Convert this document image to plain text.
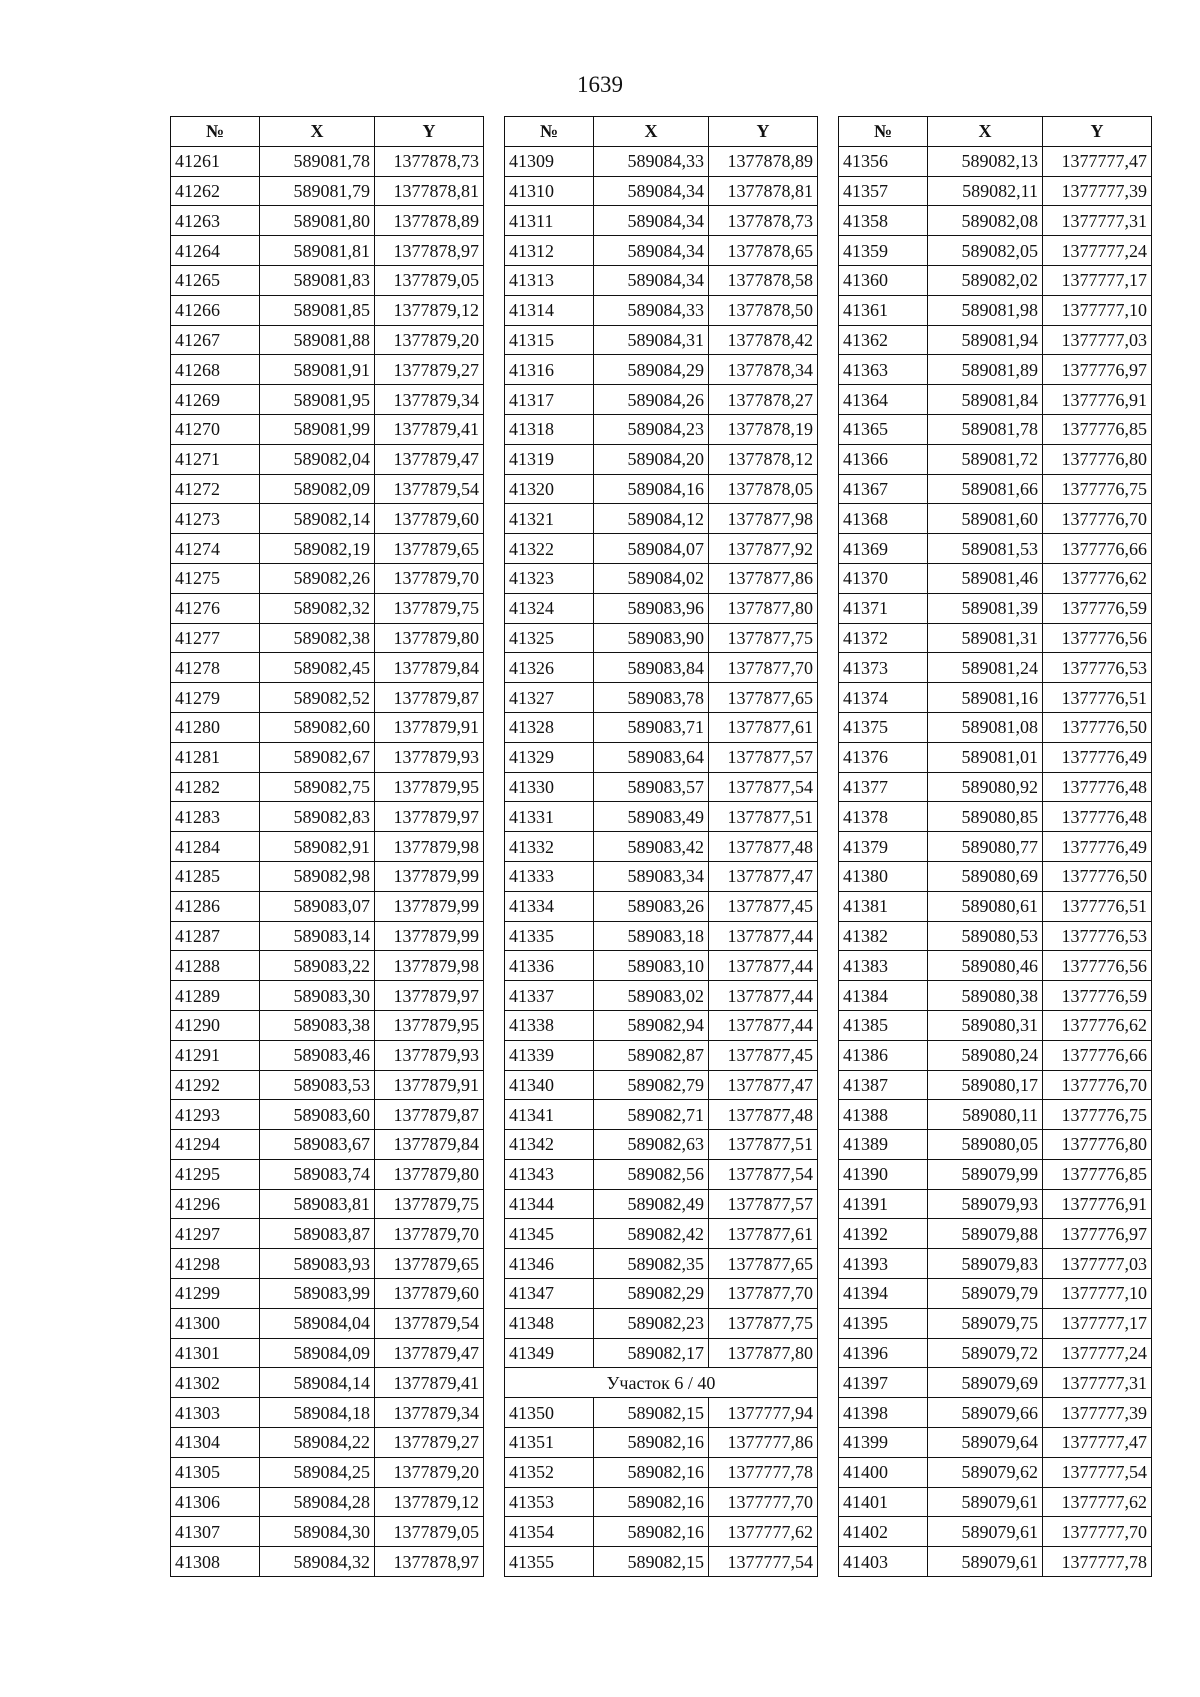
1639
№	X	Y
41261	589081,78	1377878,73
41262	589081,79	1377878,81
41263	589081,80	1377878,89
41264	589081,81	1377878,97
41265	589081,83	1377879,05
41266	589081,85	1377879,12
41267	589081,88	1377879,20
41268	589081,91	1377879,27
41269	589081,95	1377879,34
41270	589081,99	1377879,41
41271	589082,04	1377879,47
41272	589082,09	1377879,54
41273	589082,14	1377879,60
41274	589082,19	1377879,65
41275	589082,26	1377879,70
41276	589082,32	1377879,75
41277	589082,38	1377879,80
41278	589082,45	1377879,84
41279	589082,52	1377879,87
41280	589082,60	1377879,91
41281	589082,67	1377879,93
41282	589082,75	1377879,95
41283	589082,83	1377879,97
41284	589082,91	1377879,98
41285	589082,98	1377879,99
41286	589083,07	1377879,99
41287	589083,14	1377879,99
41288	589083,22	1377879,98
41289	589083,30	1377879,97
41290	589083,38	1377879,95
41291	589083,46	1377879,93
41292	589083,53	1377879,91
41293	589083,60	1377879,87
41294	589083,67	1377879,84
41295	589083,74	1377879,80
41296	589083,81	1377879,75
41297	589083,87	1377879,70
41298	589083,93	1377879,65
41299	589083,99	1377879,60
41300	589084,04	1377879,54
41301	589084,09	1377879,47
41302	589084,14	1377879,41
41303	589084,18	1377879,34
41304	589084,22	1377879,27
41305	589084,25	1377879,20
41306	589084,28	1377879,12
41307	589084,30	1377879,05
41308	589084,32	1377878,97
№	X	Y
41309	589084,33	1377878,89
41310	589084,34	1377878,81
41311	589084,34	1377878,73
41312	589084,34	1377878,65
41313	589084,34	1377878,58
41314	589084,33	1377878,50
41315	589084,31	1377878,42
41316	589084,29	1377878,34
41317	589084,26	1377878,27
41318	589084,23	1377878,19
41319	589084,20	1377878,12
41320	589084,16	1377878,05
41321	589084,12	1377877,98
41322	589084,07	1377877,92
41323	589084,02	1377877,86
41324	589083,96	1377877,80
41325	589083,90	1377877,75
41326	589083,84	1377877,70
41327	589083,78	1377877,65
41328	589083,71	1377877,61
41329	589083,64	1377877,57
41330	589083,57	1377877,54
41331	589083,49	1377877,51
41332	589083,42	1377877,48
41333	589083,34	1377877,47
41334	589083,26	1377877,45
41335	589083,18	1377877,44
41336	589083,10	1377877,44
41337	589083,02	1377877,44
41338	589082,94	1377877,44
41339	589082,87	1377877,45
41340	589082,79	1377877,47
41341	589082,71	1377877,48
41342	589082,63	1377877,51
41343	589082,56	1377877,54
41344	589082,49	1377877,57
41345	589082,42	1377877,61
41346	589082,35	1377877,65
41347	589082,29	1377877,70
41348	589082,23	1377877,75
41349	589082,17	1377877,80
Участок 6 / 40		
41350	589082,15	1377777,94
41351	589082,16	1377777,86
41352	589082,16	1377777,78
41353	589082,16	1377777,70
41354	589082,16	1377777,62
41355	589082,15	1377777,54
№	X	Y
41356	589082,13	1377777,47
41357	589082,11	1377777,39
41358	589082,08	1377777,31
41359	589082,05	1377777,24
41360	589082,02	1377777,17
41361	589081,98	1377777,10
41362	589081,94	1377777,03
41363	589081,89	1377776,97
41364	589081,84	1377776,91
41365	589081,78	1377776,85
41366	589081,72	1377776,80
41367	589081,66	1377776,75
41368	589081,60	1377776,70
41369	589081,53	1377776,66
41370	589081,46	1377776,62
41371	589081,39	1377776,59
41372	589081,31	1377776,56
41373	589081,24	1377776,53
41374	589081,16	1377776,51
41375	589081,08	1377776,50
41376	589081,01	1377776,49
41377	589080,92	1377776,48
41378	589080,85	1377776,48
41379	589080,77	1377776,49
41380	589080,69	1377776,50
41381	589080,61	1377776,51
41382	589080,53	1377776,53
41383	589080,46	1377776,56
41384	589080,38	1377776,59
41385	589080,31	1377776,62
41386	589080,24	1377776,66
41387	589080,17	1377776,70
41388	589080,11	1377776,75
41389	589080,05	1377776,80
41390	589079,99	1377776,85
41391	589079,93	1377776,91
41392	589079,88	1377776,97
41393	589079,83	1377777,03
41394	589079,79	1377777,10
41395	589079,75	1377777,17
41396	589079,72	1377777,24
41397	589079,69	1377777,31
41398	589079,66	1377777,39
41399	589079,64	1377777,47
41400	589079,62	1377777,54
41401	589079,61	1377777,62
41402	589079,61	1377777,70
41403	589079,61	1377777,78
